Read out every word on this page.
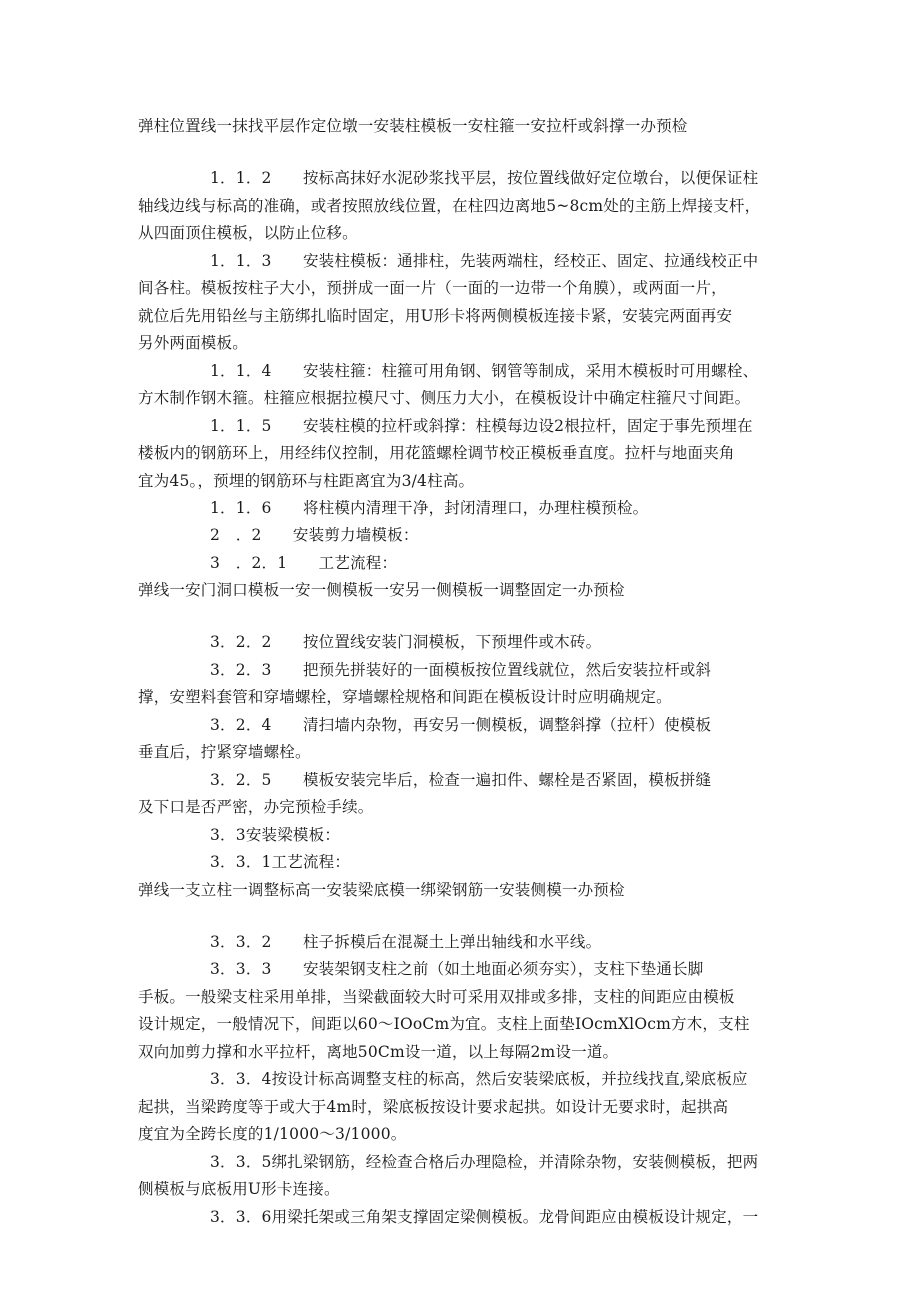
弹柱位置线一抹找平层作定位墩一安装柱模板一安柱箍一安拉杆或斜撑一办预检
1．1．2　　按标高抹好水泥砂浆找平层，按位置线做好定位墩台，以便保证柱
轴线边线与标高的准确，或者按照放线位置，在柱四边离地5~8cm处的主筋上焊接支杆，
从四面顶住模板，以防止位移。
1．1．3　　安装柱模板：通排柱，先装两端柱，经校正、固定、拉通线校正中
间各柱。模板按柱子大小，预拼成一面一片（一面的一边带一个角膜），或两面一片，
就位后先用铅丝与主筋绑扎临时固定，用U形卡将两侧模板连接卡紧，安装完两面再安
另外两面模板。
1．1．4　　安装柱箍：柱箍可用角钢、钢管等制成，采用木模板时可用螺栓、
方木制作钢木箍。柱箍应根据拉模尺寸、侧压力大小，在模板设计中确定柱箍尺寸间距。
1．1．5　　安装柱模的拉杆或斜撑：柱模每边设2根拉杆，固定于事先预埋在
楼板内的钢筋环上，用经纬仪控制，用花篮螺栓调节校正模板垂直度。拉杆与地面夹角
宜为45。，预埋的钢筋环与柱距离宜为3/4柱高。
1．1．6　　将柱模内清理干净，封闭清理口，办理柱模预检。
2　．2　　安装剪力墙模板：
3　．2．1　　工艺流程：
弹线一安门洞口模板一安一侧模板一安另一侧模板一调整固定一办预检
3．2．2　　按位置线安装门洞模板，下预埋件或木砖。
3．2．3　　把预先拼装好的一面模板按位置线就位，然后安装拉杆或斜
撑，安塑料套管和穿墙螺栓，穿墙螺栓规格和间距在模板设计时应明确规定。
3．2．4　　清扫墙内杂物，再安另一侧模板，调整斜撑（拉杆）使模板
垂直后，拧紧穿墙螺栓。
3．2．5　　模板安装完毕后，检查一遍扣件、螺栓是否紧固，模板拼缝
及下口是否严密，办完预检手续。
3．3安装梁模板：
3．3．1工艺流程：
弹线一支立柱一调整标高一安装梁底模一绑梁钢筋一安装侧模一办预检
3．3．2　　柱子拆模后在混凝土上弹出轴线和水平线。
3．3．3　　安装架钢支柱之前（如土地面必须夯实），支柱下垫通长脚
手板。一般梁支柱采用单排，当梁截面较大时可采用双排或多排，支柱的间距应由模板
设计规定，一般情况下，间距以60～IOoCm为宜。支柱上面垫IOcmXlOcm方木，支柱
双向加剪力撑和水平拉杆，离地50Cm设一道，以上每隔2m设一道。
3．3．4按设计标高调整支柱的标高，然后安装梁底板，并拉线找直,梁底板应
起拱，当梁跨度等于或大于4m时，梁底板按设计要求起拱。如设计无要求时，起拱高
度宜为全跨长度的1/1000～3/1000。
3．3．5绑扎梁钢筋，经检查合格后办理隐检，并清除杂物，安装侧模板，把两
侧模板与底板用U形卡连接。
3．3．6用梁托架或三角架支撑固定梁侧模板。龙骨间距应由模板设计规定，一
